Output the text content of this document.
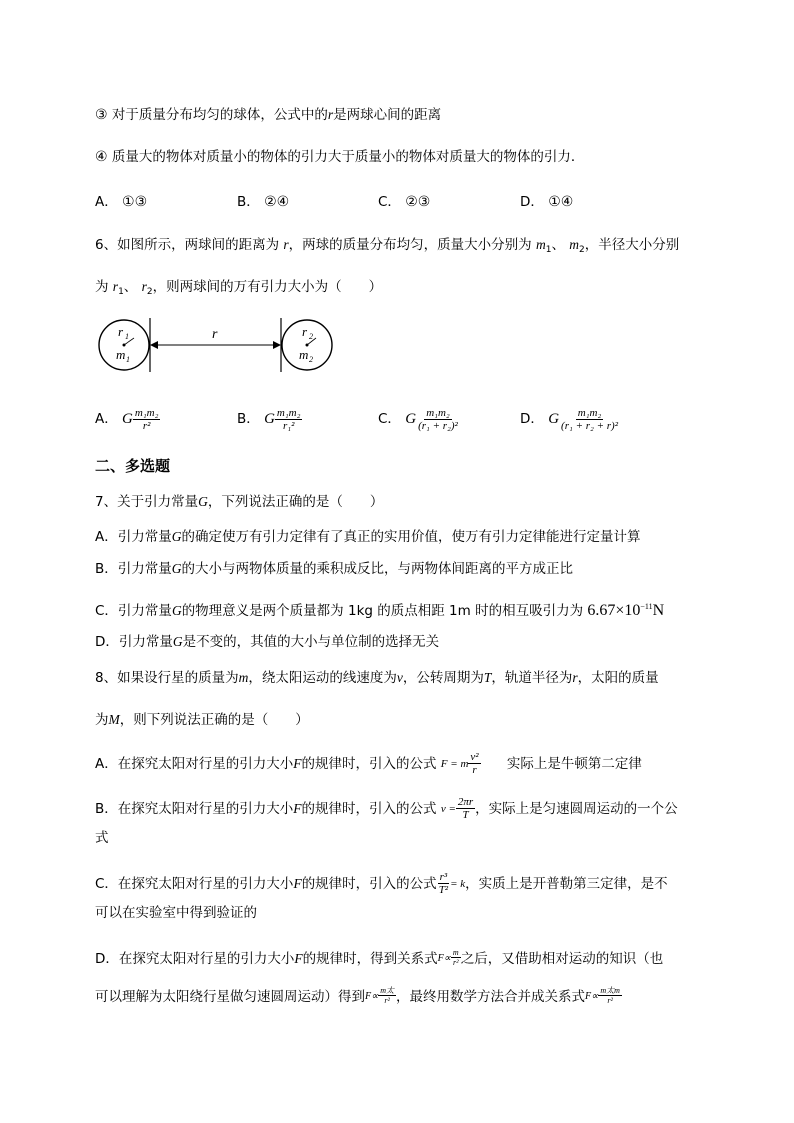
③ 对于质量分布均匀的球体，公式中的r是两球心间的距离
④ 质量大的物体对质量小的物体的引力大于质量小的物体对质量大的物体的引力．
A． ①③	B． ②④	C． ②③	D． ①④
6、如图所示，两球间的距离为 r，两球的质量分布均匀，质量大小分别为 $m_1$、 $m_2$，半径大小分别
为 $r_1$、 $r_2$，则两球间的万有引力大小为（　　）
r 1
m 1
r	r 2
m 2
A． G $\frac{\text{m₁m₂}}{\text{r²}}$	B． G $\frac{\text{m₁m₂}}{\text{r₁²}}$	C． G $\frac{\text{m₁m₂}}{\text{(r₁ + r₂)²}}$	D． G $\frac{\text{m₁m₂}}{\text{(r₁ + r₂ + r)²}}$
二、多选题
7、关于引力常量G，下列说法正确的是（　　）
A．引力常量G的确定使万有引力定律有了真正的实用价值，使万有引力定律能进行定量计算
B．引力常量G的大小与两物体质量的乘积成反比，与两物体间距离的平方成正比
C．引力常量G的物理意义是两个质量都为 1kg 的质点相距 1m 时的相互吸引力为 $6.67\times 10^{-11}N$
D．引力常量G是不变的，其值的大小与单位制的选择无关
8、如果设行星的质量为m，绕太阳运动的线速度为v，公转周期为T，轨道半径为r，太阳的质量
为M，则下列说法正确的是（　　）
A．在探究太阳对行星的引力大小F的规律时，引入的公式 F = m $\frac{\text{v²}}{r}$ 实际上是牛顿第二定律
B．在探究太阳对行星的引力大小F的规律时，引入的公式 $v = \frac{2\pi r}{T}$ ，实际上是匀速圆周运动的一个公
式
C．在探究太阳对行星的引力大小F的规律时，引入的公式 $\frac{\text{r³}}{\text{T²}} = k$，实质上是开普勒第三定律，是不
可以在实验室中得到验证的
D．在探究太阳对行星的引力大小F的规律时，得到关系式$F\propto \frac{m}{\text{r²}}$ 之后，又借助相对运动的知识（也
可以理解为太阳绕行星做匀速圆周运动）得到$F\propto \frac{\text{m太}}{\text{r²}}$ ，最终用数学方法合并成关系式$F\propto \frac{\text{m太m}}{\text{r²}}$
